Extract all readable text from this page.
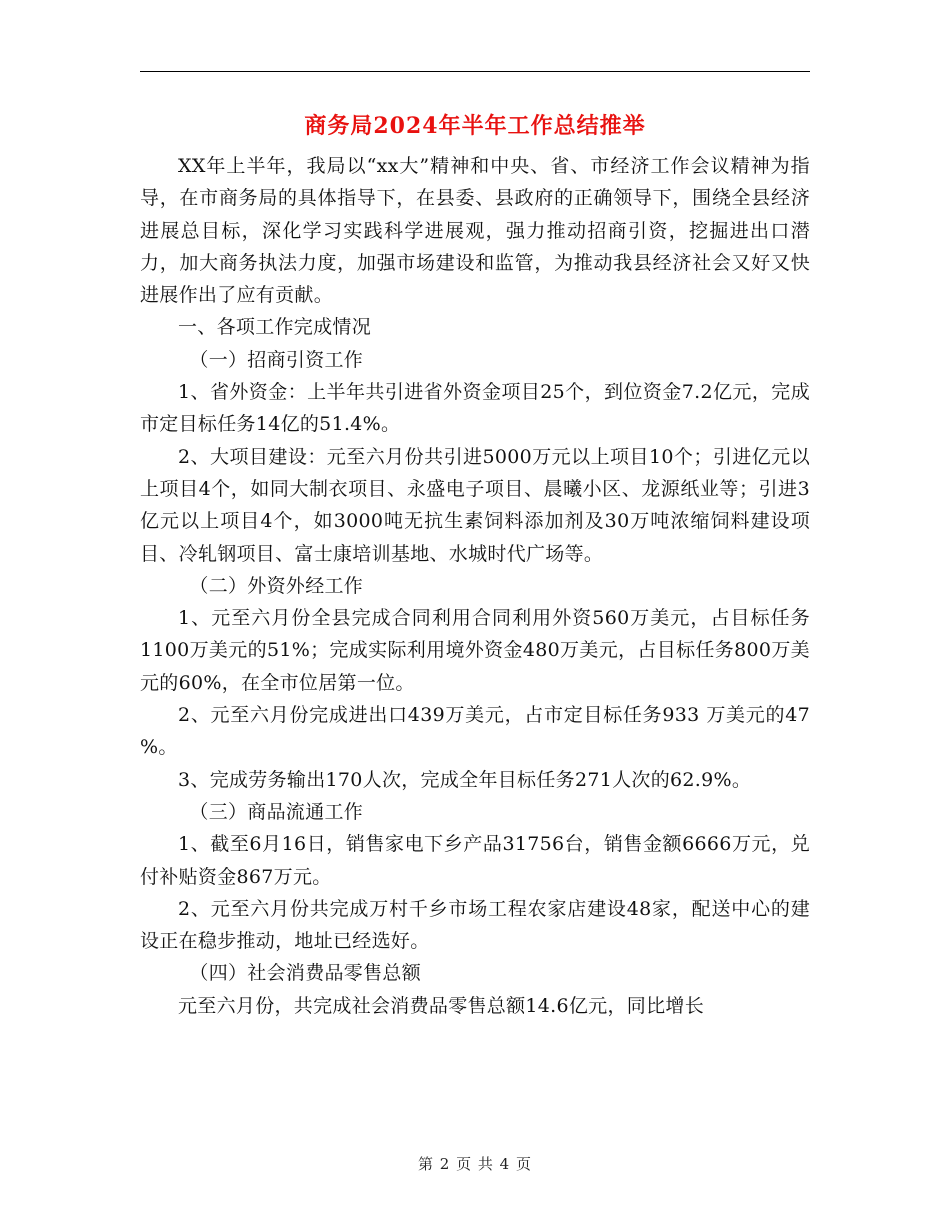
商务局2024年半年工作总结推举

XX年上半年，我局以“xx大”精神和中央、省、市经济工作会议精神为指导，在市商务局的具体指导下，在县委、县政府的正确领导下，围绕全县经济进展总目标，深化学习实践科学进展观，强力推动招商引资，挖掘进出口潜力，加大商务执法力度，加强市场建设和监管，为推动我县经济社会又好又快进展作出了应有贡献。

一、各项工作完成情况

（一）招商引资工作

1、省外资金：上半年共引进省外资金项目25个，到位资金7.2亿元，完成市定目标任务14亿的51.4%。

2、大项目建设：元至六月份共引进5000万元以上项目10个；引进亿元以上项目4个，如同大制衣项目、永盛电子项目、晨曦小区、龙源纸业等；引进3亿元以上项目4个，如3000吨无抗生素饲料添加剂及30万吨浓缩饲料建设项目、冷轧钢项目、富士康培训基地、水城时代广场等。

（二）外资外经工作

1、元至六月份全县完成合同利用合同利用外资560万美元，占目标任务1100万美元的51%；完成实际利用境外资金480万美元，占目标任务800万美元的60%，在全市位居第一位。

2、元至六月份完成进出口439万美元，占市定目标任务933 万美元的47 %。

3、完成劳务输出170人次，完成全年目标任务271人次的62.9%。

（三）商品流通工作

1、截至6月16日，销售家电下乡产品31756台，销售金额6666万元，兑付补贴资金867万元。

2、元至六月份共完成万村千乡市场工程农家店建设48家，配送中心的建设正在稳步推动，地址已经选好。

（四）社会消费品零售总额

元至六月份，共完成社会消费品零售总额14.6亿元，同比增长

第 2 页 共 4 页
